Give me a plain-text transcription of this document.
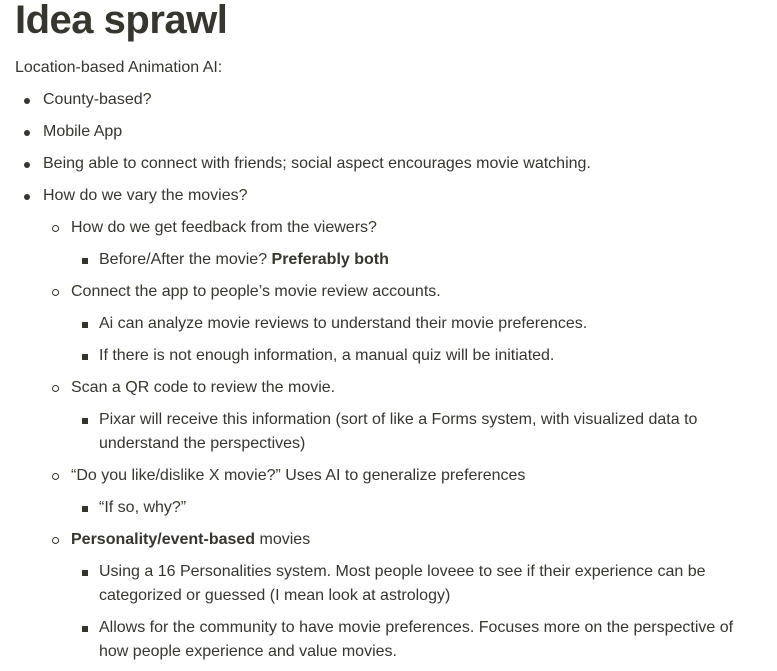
Idea sprawl
Location-based Animation AI:
County-based?
Mobile App
Being able to connect with friends; social aspect encourages movie watching.
How do we vary the movies?
How do we get feedback from the viewers?
Before/After the movie? Preferably both
Connect the app to people’s movie review accounts.
Ai can analyze movie reviews to understand their movie preferences.
If there is not enough information, a manual quiz will be initiated.
Scan a QR code to review the movie.
Pixar will receive this information (sort of like a Forms system, with visualized data to understand the perspectives)
“Do you like/dislike X movie?” Uses AI to generalize preferences
“If so, why?”
Personality/event-based movies
Using a 16 Personalities system. Most people loveee to see if their experience can be categorized or guessed (I mean look at astrology)
Allows for the community to have movie preferences. Focuses more on the perspective of how people experience and value movies.
